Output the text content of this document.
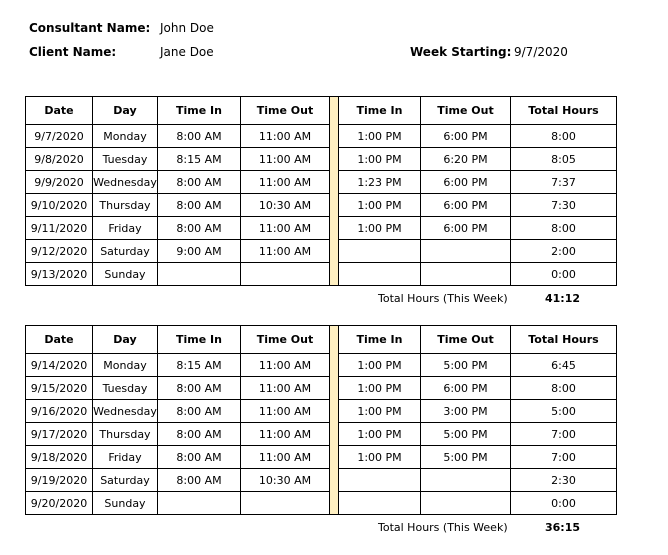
Consultant Name: John Doe
Client Name:	Jane Doe	Week Starting: 9/7/2020
Date	Day	Time In	Time Out		Time In	Time Out	Total Hours
9/7/2020	Monday	8:00 AM	11:00 AM		1:00 PM	6:00 PM	8:00
9/8/2020	Tuesday	8:15 AM	11:00 AM		1:00 PM	6:20 PM	8:05
9/9/2020	Wednesday	8:00 AM	11:00 AM		1:23 PM	6:00 PM	7:37
9/10/2020	Thursday	8:00 AM	10:30 AM		1:00 PM	6:00 PM	7:30
9/11/2020	Friday	8:00 AM	11:00 AM		1:00 PM	6:00 PM	8:00
9/12/2020	Saturday	9:00 AM	11:00 AM				2:00
9/13/2020	Sunday						0:00
Total Hours (This Week)	41:12
Date	Day	Time In	Time Out		Time In	Time Out	Total Hours
9/14/2020	Monday	8:15 AM	11:00 AM		1:00 PM	5:00 PM	6:45
9/15/2020	Tuesday	8:00 AM	11:00 AM		1:00 PM	6:00 PM	8:00
9/16/2020	Wednesday	8:00 AM	11:00 AM		1:00 PM	3:00 PM	5:00
9/17/2020	Thursday	8:00 AM	11:00 AM		1:00 PM	5:00 PM	7:00
9/18/2020	Friday	8:00 AM	11:00 AM		1:00 PM	5:00 PM	7:00
9/19/2020	Saturday	8:00 AM	10:30 AM				2:30
9/20/2020	Sunday						0:00
Total Hours (This Week)	36:15
